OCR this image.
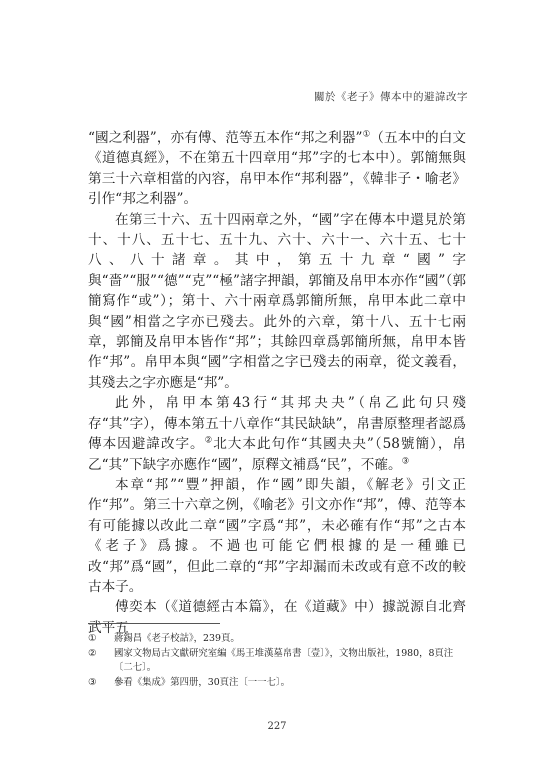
關於《老子》傳本中的避諱改字

“國之利器”，亦有傅、范等五本作“邦之利器”①（五本中的白文《道德真經》，不在第五十四章用“邦”字的七本中）。郭簡無與第三十六章相當的內容，帛甲本作“邦利器”，《韓非子・喻老》引作“邦之利器”。

在第三十六、五十四兩章之外，“國”字在傳本中還見於第十、十八、五十七、五十九、六十、六十一、六十五、七十八、八十諸章。其中，第五十九章“國”字與“嗇”“服”“德”“克”“極”諸字押韻，郭簡及帛甲本亦作“國”（郭簡寫作“或”）；第十、六十兩章爲郭簡所無，帛甲本此二章中與“國”相當之字亦已殘去。此外的六章，第十八、五十七兩章，郭簡及帛甲本皆作“邦”；其餘四章爲郭簡所無，帛甲本皆作“邦”。帛甲本與“國”字相當之字已殘去的兩章，從文義看，其殘去之字亦應是“邦”。

此外，帛甲本第43行“其邦夬夬”（帛乙此句只殘存“其”字），傳本第五十八章作“其民缺缺”，帛書原整理者認爲傳本因避諱改字。②北大本此句作“其國夬夬”（58號簡），帛乙“其”下缺字亦應作“國”，原釋文補爲“民”，不確。③

本章“邦”“豐”押韻，作“國”即失韻，《解老》引文正作“邦”。第三十六章之例，《喻老》引文亦作“邦”，傅、范等本有可能據以改此二章“國”字爲“邦”，未必確有作“邦”之古本《老子》爲據。不過也可能它們根據的是一種雖已改“邦”爲“國”，但此二章的“邦”字却漏而未改或有意不改的較古本子。

傅奕本（《道德經古本篇》，在《道藏》中）據説源自北齊武平五

①	蔣錫昌《老子校詁》，239頁。
②	國家文物局古文獻研究室編《馬王堆漢墓帛書〔壹〕》，文物出版社，1980，8頁注〔二七〕。
③	參看《集成》第四册，30頁注〔一一七〕。
227
